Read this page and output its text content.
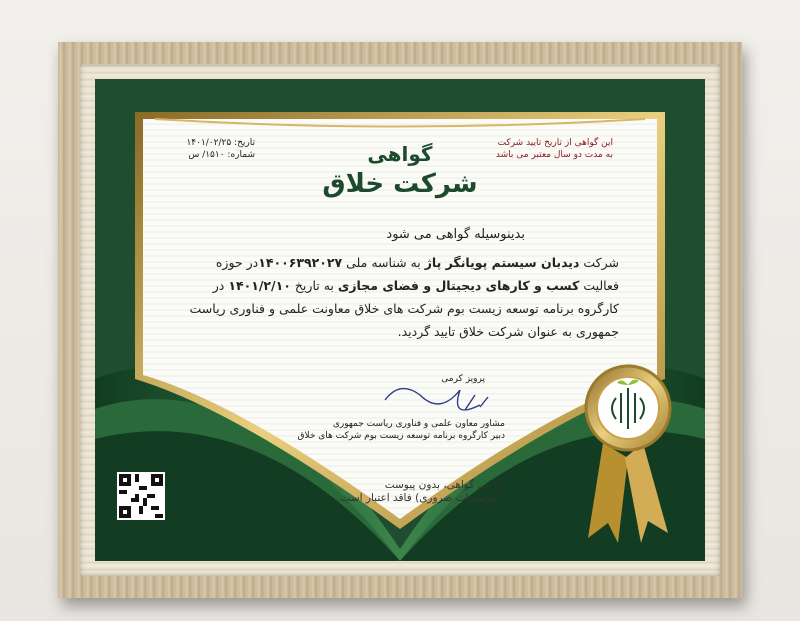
تاریخ: ۱۴۰۱/۰۲/۲۵
شماره: ۱۵۱۰/ س
این گواهی از تاریخ تایید شرکت
به مدت دو سال معتبر می باشد
گواهی
شرکت خلاق
بدینوسیله گواهی می شود
شرکت دیدبان سیستم پویانگر پاژ به شناسه ملی ۱۴۰۰۶۳۹۲۰۲۷در حوزه فعالیت کسب و کارهای دیجیتال و فضای مجازی به تاریخ ۱۴۰۱/۲/۱۰ در کارگروه برنامه توسعه زیست بوم شرکت های خلاق معاونت علمی و فناوری ریاست جمهوری به عنوان شرکت خلاق تایید گردید.
پرویز کرمی
مشاور معاون علمی و فناوری ریاست جمهوری
دبیر کارگروه برنامه توسعه زیست بوم شرکت های خلاق
* این گواهی، بدون پیوست
(توضیحات ضروری) فاقد اعتبار است.
